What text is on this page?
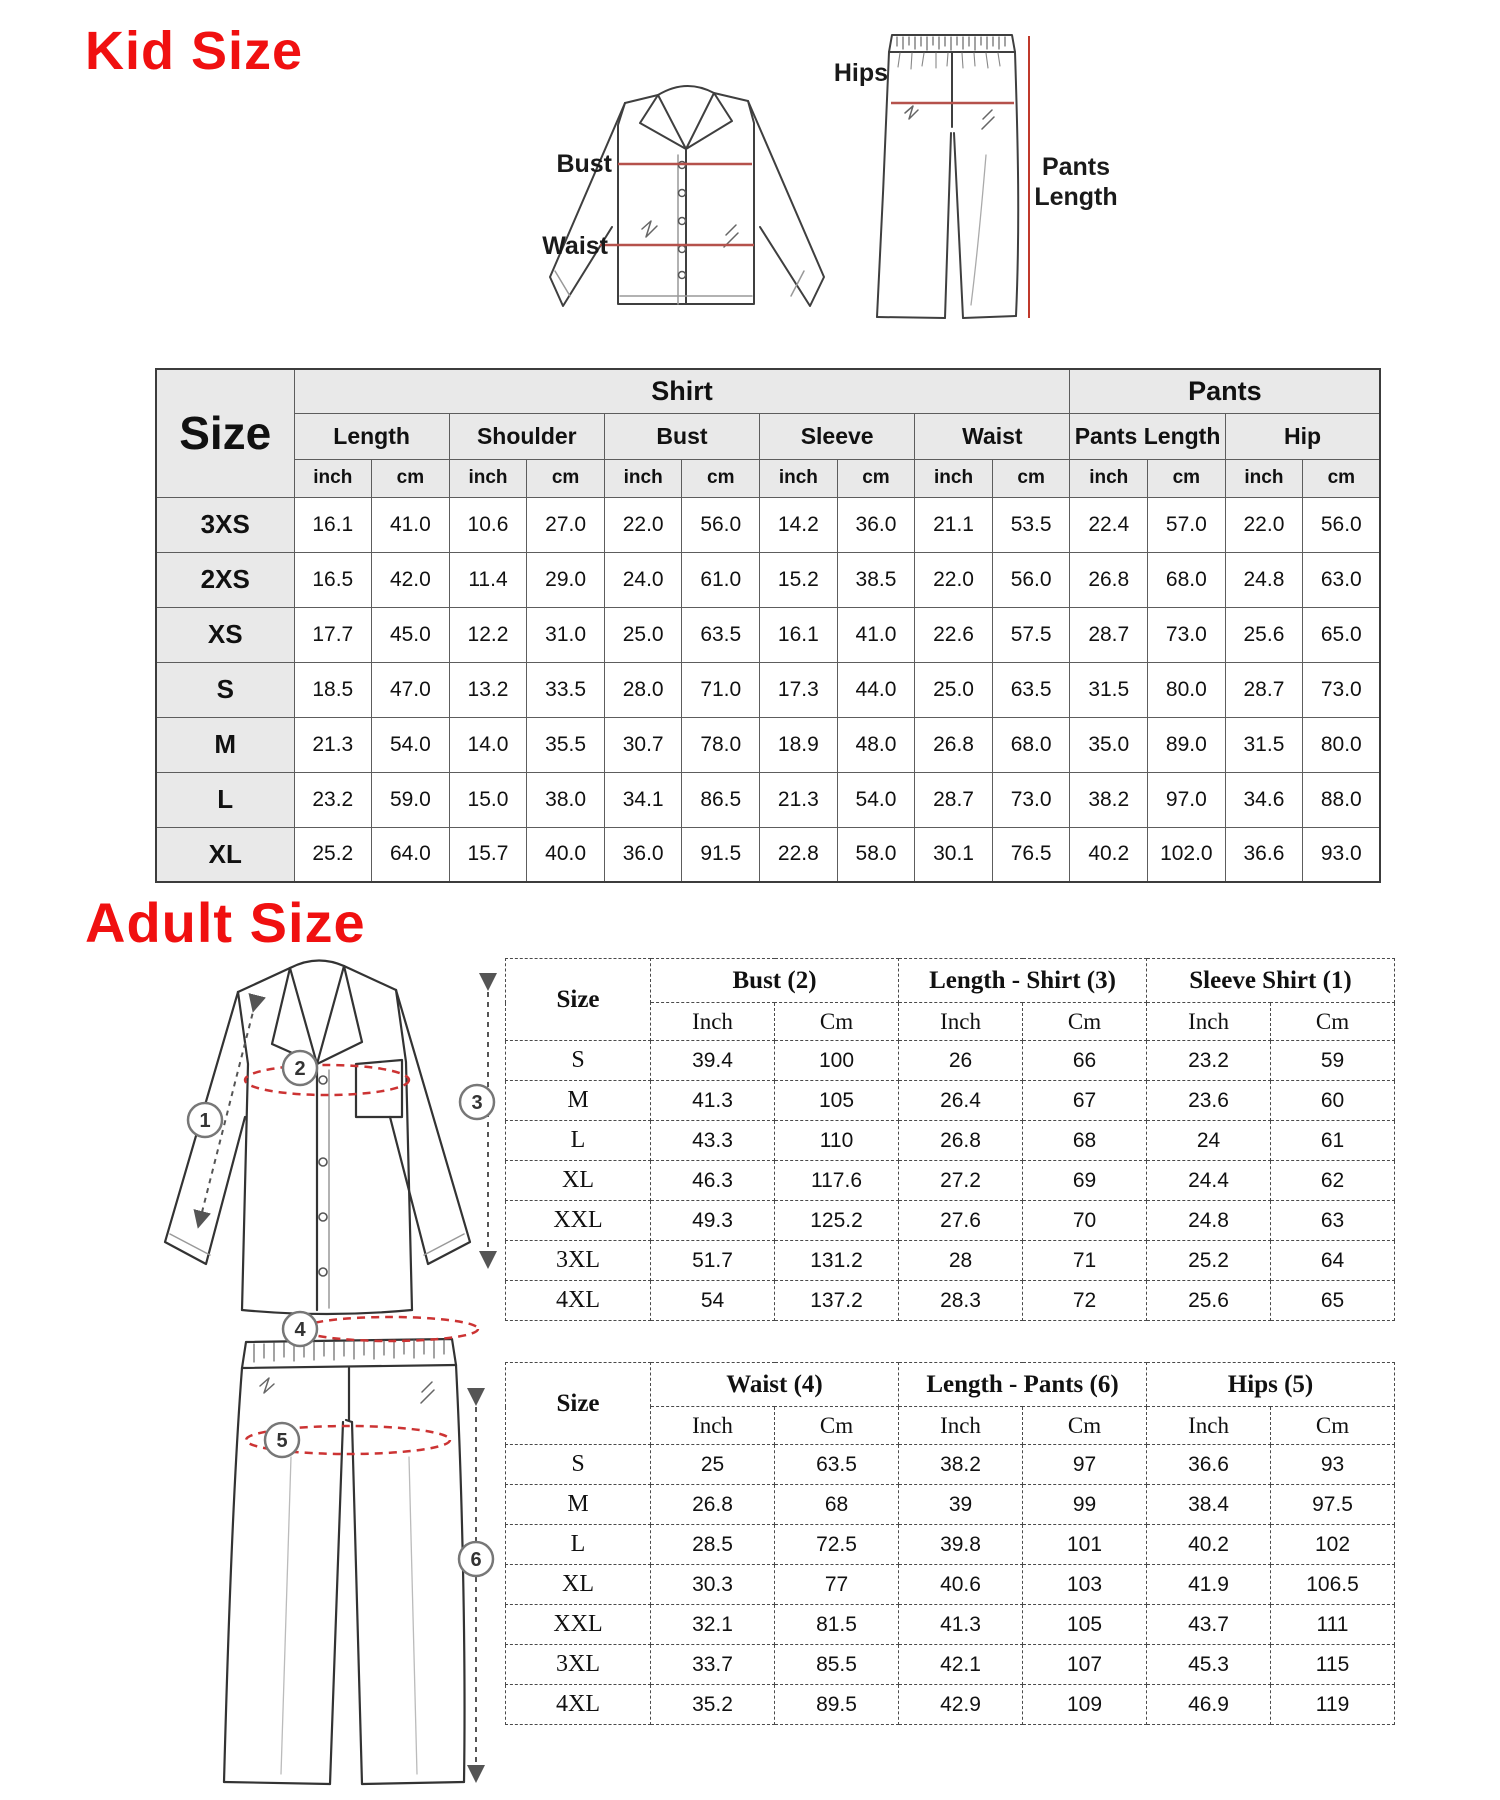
Kid Size
Bust
Waist
Hips
Pants
Length
Size	Shirt										Pants			
	Length		Shoulder		Bust		Sleeve		Waist		Pants Length		Hip	
	inch	cm	inch	cm	inch	cm	inch	cm	inch	cm	inch	cm	inch	cm
3XS	16.1	41.0	10.6	27.0	22.0	56.0	14.2	36.0	21.1	53.5	22.4	57.0	22.0	56.0
2XS	16.5	42.0	11.4	29.0	24.0	61.0	15.2	38.5	22.0	56.0	26.8	68.0	24.8	63.0
XS	17.7	45.0	12.2	31.0	25.0	63.5	16.1	41.0	22.6	57.5	28.7	73.0	25.6	65.0
S	18.5	47.0	13.2	33.5	28.0	71.0	17.3	44.0	25.0	63.5	31.5	80.0	28.7	73.0
M	21.3	54.0	14.0	35.5	30.7	78.0	18.9	48.0	26.8	68.0	35.0	89.0	31.5	80.0
L	23.2	59.0	15.0	38.0	34.1	86.5	21.3	54.0	28.7	73.0	38.2	97.0	34.6	88.0
XL	25.2	64.0	15.7	40.0	36.0	91.5	22.8	58.0	30.1	76.5	40.2	102.0	36.6	93.0
Adult Size
1
2
3
4
5
6
Size	Bust (2)		Length - Shirt (3)		Sleeve Shirt (1)	
	Inch	Cm	Inch	Cm	Inch	Cm
S	39.4	100	26	66	23.2	59
M	41.3	105	26.4	67	23.6	60
L	43.3	110	26.8	68	24	61
XL	46.3	117.6	27.2	69	24.4	62
XXL	49.3	125.2	27.6	70	24.8	63
3XL	51.7	131.2	28	71	25.2	64
4XL	54	137.2	28.3	72	25.6	65
Size	Waist (4)		Length - Pants (6)		Hips (5)	
	Inch	Cm	Inch	Cm	Inch	Cm
S	25	63.5	38.2	97	36.6	93
M	26.8	68	39	99	38.4	97.5
L	28.5	72.5	39.8	101	40.2	102
XL	30.3	77	40.6	103	41.9	106.5
XXL	32.1	81.5	41.3	105	43.7	111
3XL	33.7	85.5	42.1	107	45.3	115
4XL	35.2	89.5	42.9	109	46.9	119
